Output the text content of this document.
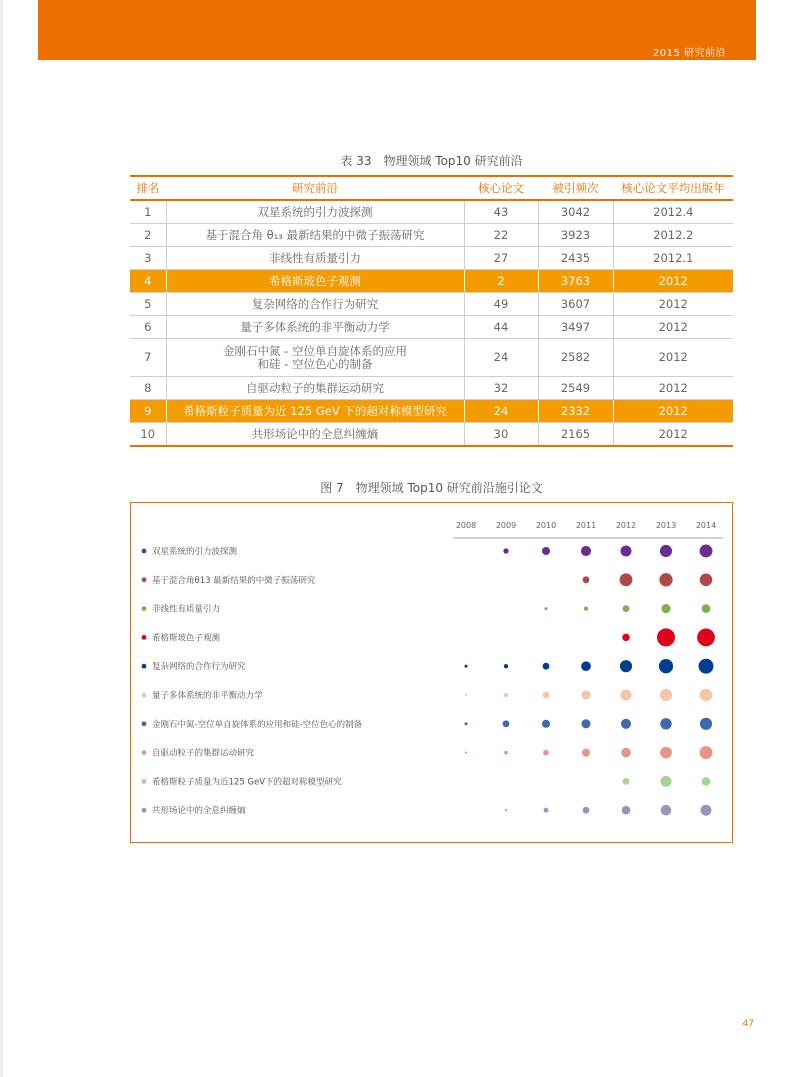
2015 研究前沿
表 33　物理领域 Top10 研究前沿
排名	研究前沿	核心论文	被引频次	核心论文平均出版年
1	双星系统的引力波探测	43	3042	2012.4
2	基于混合角 θ₁₃ 最新结果的中微子振荡研究	22	3923	2012.2
3	非线性有质量引力	27	2435	2012.1
4	希格斯玻色子观测	2	3763	2012
5	复杂网络的合作行为研究	49	3607	2012
6	量子多体系统的非平衡动力学	44	3497	2012
7	金刚石中氮 - 空位单自旋体系的应用
和硅 - 空位色心的制备	24	2582	2012
8	自驱动粒子的集群运动研究	32	2549	2012
9	希格斯粒子质量为近 125 GeV 下的超对称模型研究	24	2332	2012
10	共形场论中的全息纠缠熵	30	2165	2012
图 7　物理领域 Top10 研究前沿施引论文
2008 2009 2010 2011 2012 2013 2014
双星系统的引力波探测
基于混合角θ13 最新结果的中微子振荡研究
非线性有质量引力
希格斯玻色子观测
复杂网络的合作行为研究
量子多体系统的非平衡动力学
金刚石中氮-空位单自旋体系的应用和硅-空位色心的制备
自驱动粒子的集群运动研究
希格斯粒子质量为近125 GeV下的超对称模型研究
共形场论中的全息纠缠熵
47
